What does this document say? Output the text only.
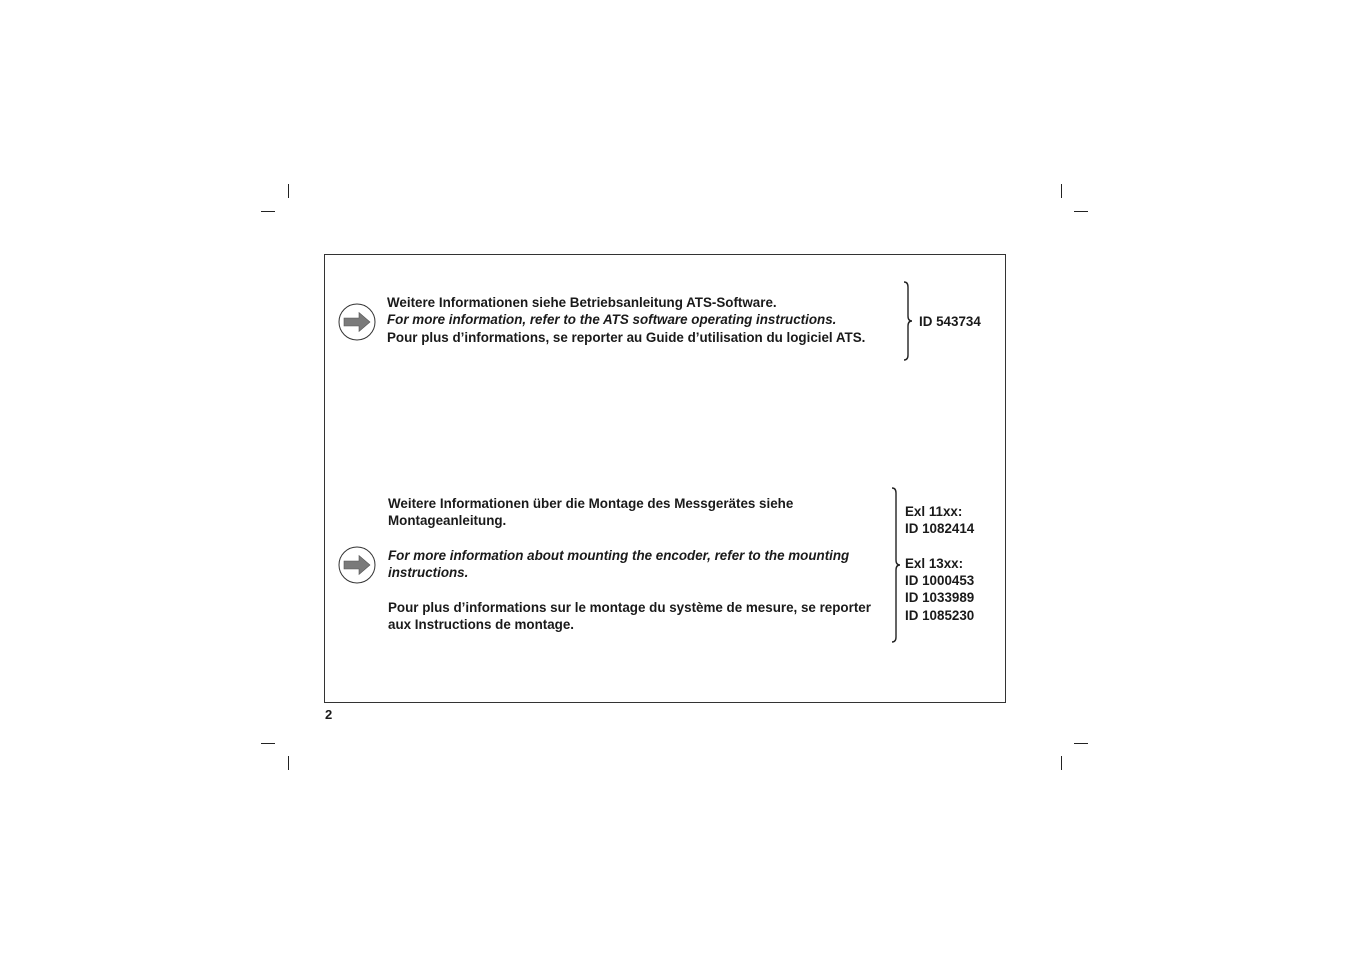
Weitere Informationen siehe Betriebsanleitung ATS-Software.

For more information, refer to the ATS software operating instructions.

Pour plus d’informations, se reporter au Guide d’utilisation du logiciel ATS.

ID 543734

Weitere Informationen über die Montage des Messgerätes siehe Montageanleitung.

For more information about mounting the encoder, refer to the mounting instructions.

Pour plus d’informations sur le montage du système de mesure, se reporter aux Instructions de montage.

Exl 11xx:
ID 1082414

Exl 13xx:
ID 1000453
ID 1033989
ID 1085230
2
